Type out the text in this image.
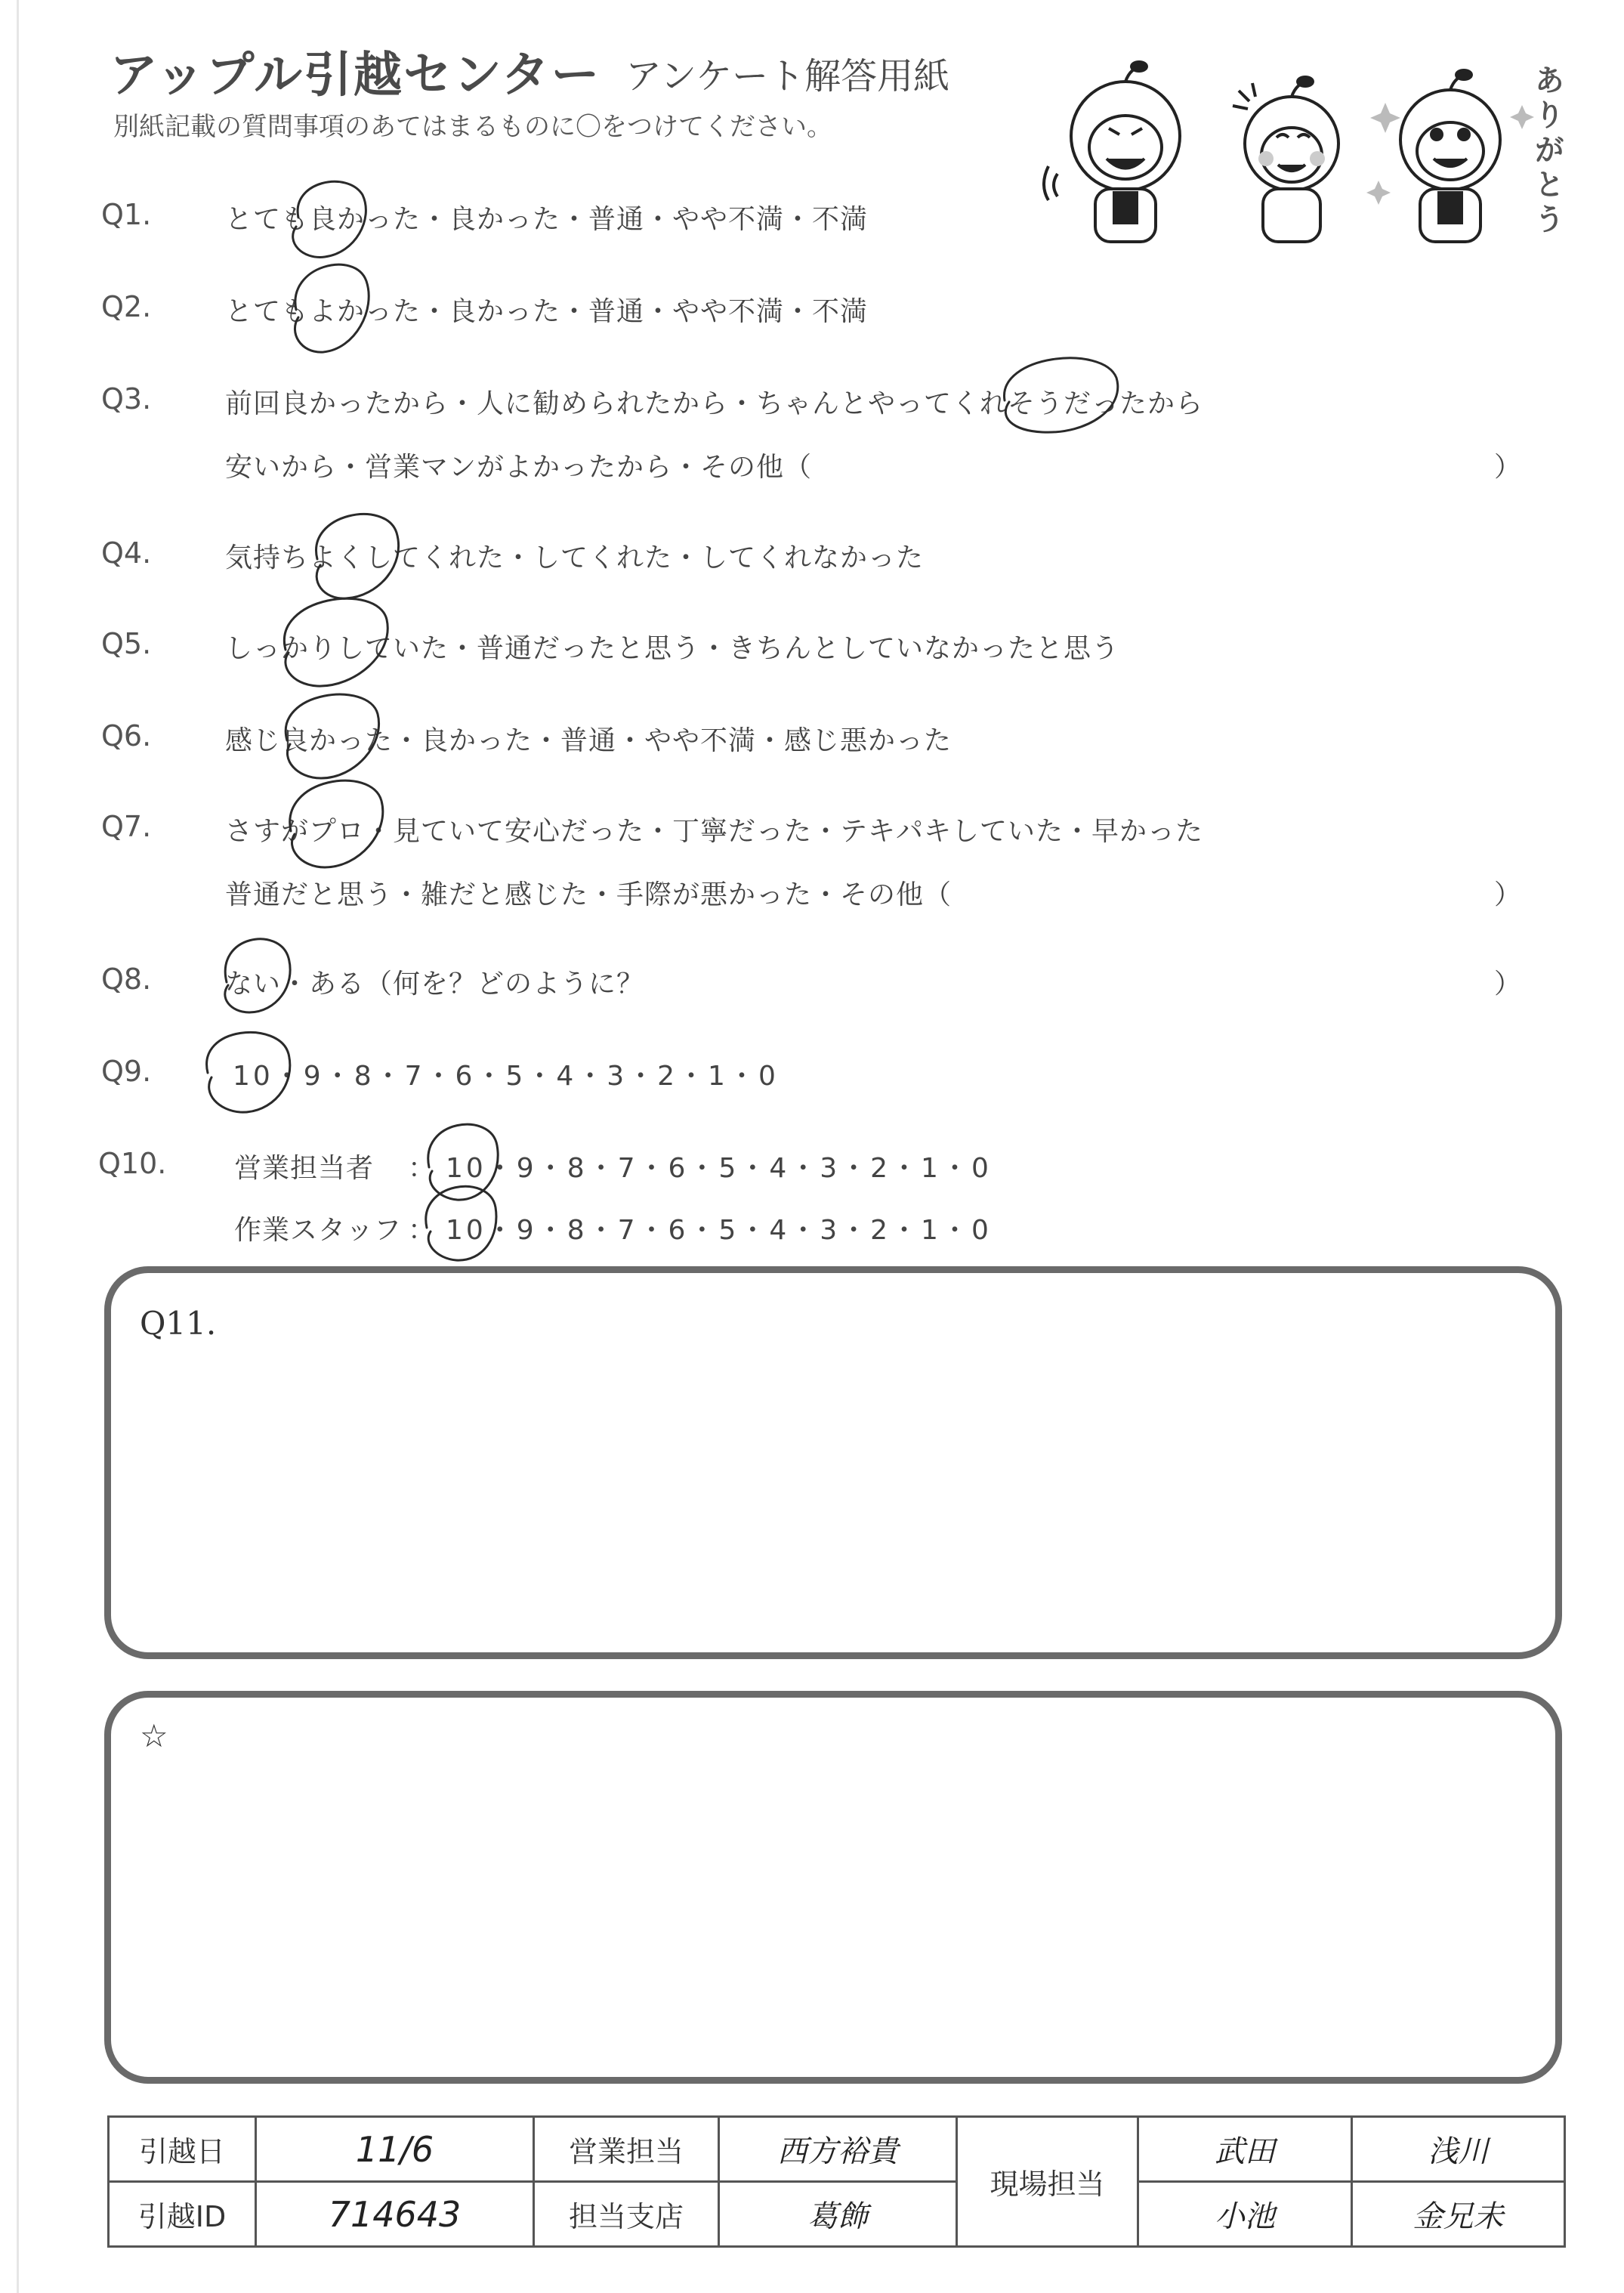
アップル引越センター アンケート解答用紙
別紙記載の質問事項のあてはまるものに〇をつけてください。	ありがとう
Q1.	とても良かった・良かった・普通・やや不満・不満
Q2.	とてもよかった・良かった・普通・やや不満・不満
Q3.	前回良かったから・人に勧められたから・ちゃんとやってくれそうだったから
安いから・営業マンがよかったから・その他（	）
Q4.	気持ちよくしてくれた・してくれた・してくれなかった
Q5.	しっかりしていた・普通だったと思う・きちんとしていなかったと思う
Q6.	感じ良かった・良かった・普通・やや不満・感じ悪かった
Q7.	さすがプロ・見ていて安心だった・丁寧だった・テキパキしていた・早かった
普通だと思う・雑だと感じた・手際が悪かった・その他（	）
Q8.	ない・ある（何を？どのように？	）
Q9.	10・9・8・7・6・5・4・3・2・1・0
Q10. 営業担当者 ： 10・9・8・7・6・5・4・3・2・1・0
作業スタッフ ： 10・9・8・7・6・5・4・3・2・1・0
Q11.
☆
引越日	11/6	営業担当	西方裕貴	現場担当	武田	浅川
引越ID	714643	担当支店	葛飾		小池	金兄未
